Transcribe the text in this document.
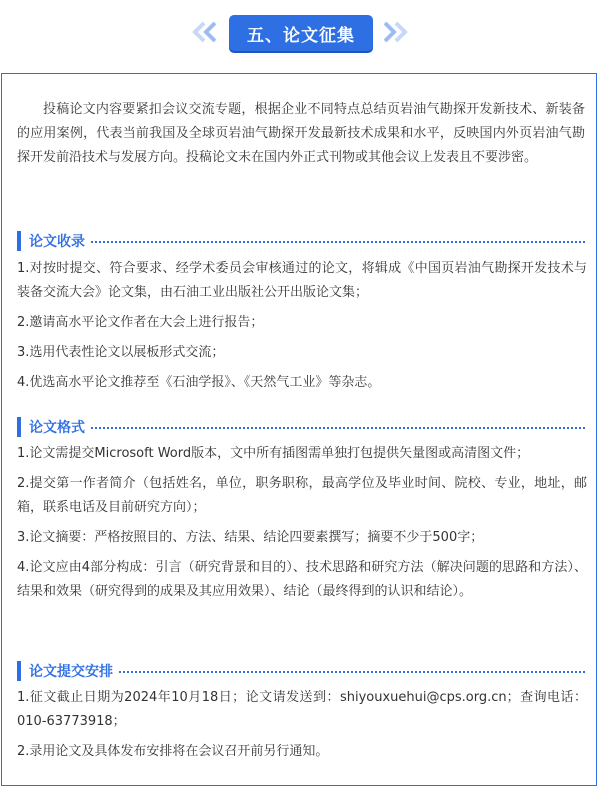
五、论文征集

投稿论文内容要紧扣会议交流专题，根据企业不同特点总结页岩油气勘探开发新技术、新装备的应用案例，代表当前我国及全球页岩油气勘探开发最新技术成果和水平，反映国内外页岩油气勘探开发前沿技术与发展方向。投稿论文未在国内外正式刊物或其他会议上发表且不要涉密。

论文收录
1.对按时提交、符合要求、经学术委员会审核通过的论文，将辑成《中国页岩油气勘探开发技术与装备交流大会》论文集，由石油工业出版社公开出版论文集；
2.邀请高水平论文作者在大会上进行报告；
3.选用代表性论文以展板形式交流；
4.优选高水平论文推荐至《石油学报》、《天然气工业》等杂志。
论文格式
1.论文需提交Microsoft Word版本，文中所有插图需单独打包提供矢量图或高清图文件；
2.提交第一作者简介（包括姓名，单位，职务职称，最高学位及毕业时间、院校、专业，地址，邮箱，联系电话及目前研究方向）；
3.论文摘要：严格按照目的、方法、结果、结论四要素撰写；摘要不少于500字；
4.论文应由4部分构成：引言（研究背景和目的）、技术思路和研究方法（解决问题的思路和方法）、结果和效果（研究得到的成果及其应用效果）、结论（最终得到的认识和结论）。
论文提交安排
1.征文截止日期为2024年10月18日；论文请发送到：shiyouxuehui@cps.org.cn；查询电话：010-63773918；
2.录用论文及具体发布安排将在会议召开前另行通知。
